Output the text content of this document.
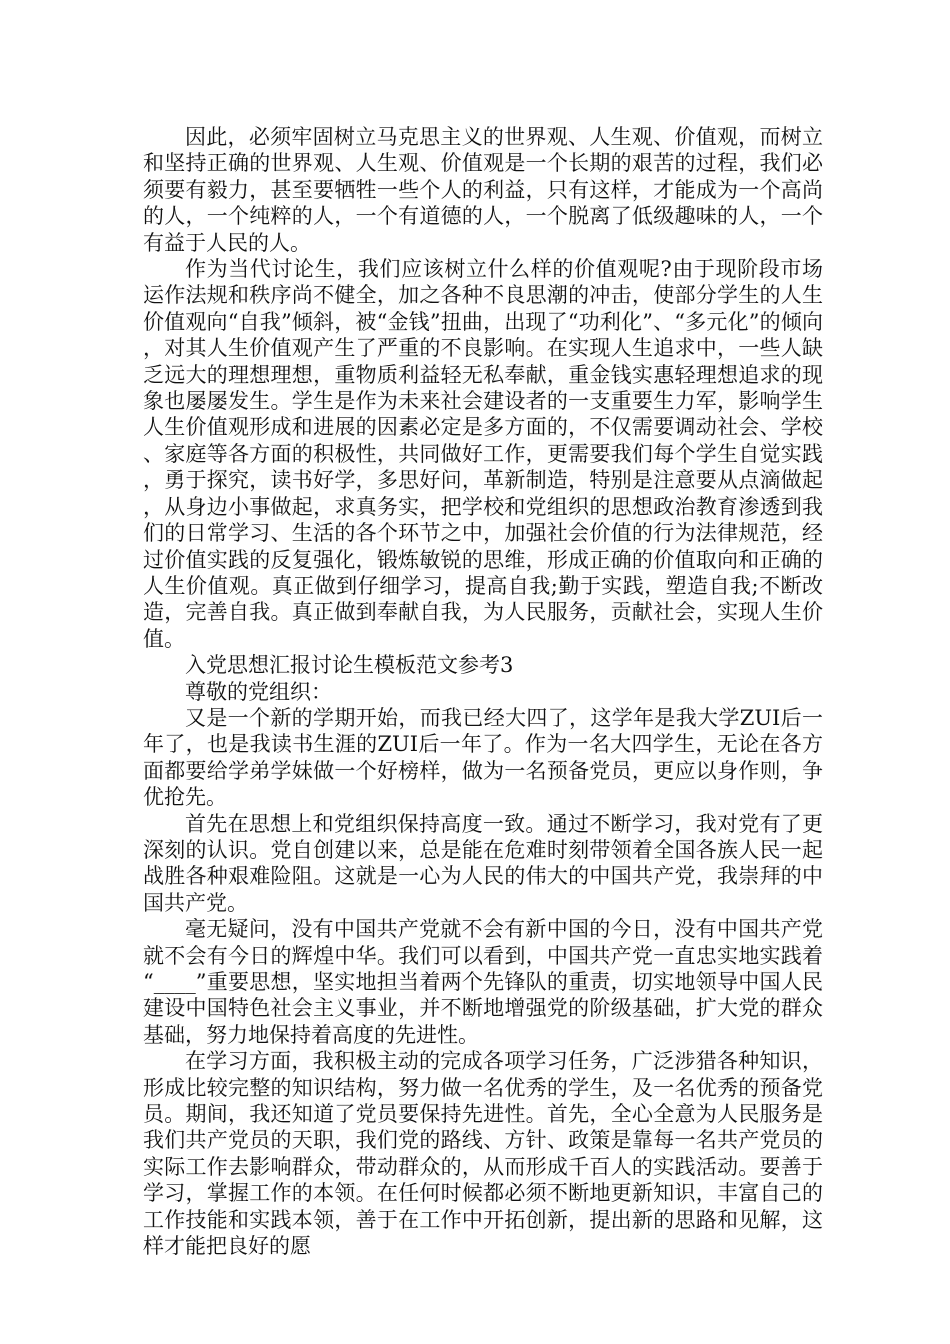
因此，必须牢固树立马克思主义的世界观、人生观、价值观，而树立和坚持正确的世界观、人生观、价值观是一个长期的艰苦的过程，我们必须要有毅力，甚至要牺牲一些个人的利益，只有这样，才能成为一个高尚的人，一个纯粹的人，一个有道德的人，一个脱离了低级趣味的人，一个有益于人民的人。

作为当代讨论生，我们应该树立什么样的价值观呢?由于现阶段市场运作法规和秩序尚不健全，加之各种不良思潮的冲击，使部分学生的人生价值观向“自我”倾斜，被“金钱”扭曲，出现了“功利化”、“多元化”的倾向，对其人生价值观产生了严重的不良影响。在实现人生追求中，一些人缺乏远大的理想理想，重物质利益轻无私奉献，重金钱实惠轻理想追求的现象也屡屡发生。学生是作为未来社会建设者的一支重要生力军，影响学生人生价值观形成和进展的因素必定是多方面的，不仅需要调动社会、学校、家庭等各方面的积极性，共同做好工作，更需要我们每个学生自觉实践，勇于探究，读书好学，多思好问，革新制造，特别是注意要从点滴做起，从身边小事做起，求真务实，把学校和党组织的思想政治教育渗透到我们的日常学习、生活的各个环节之中，加强社会价值的行为法律规范，经过价值实践的反复强化，锻炼敏锐的思维，形成正确的价值取向和正确的人生价值观。真正做到仔细学习，提高自我;勤于实践，塑造自我;不断改造，完善自我。真正做到奉献自我，为人民服务，贡献社会，实现人生价值。

入党思想汇报讨论生模板范文参考3

尊敬的党组织：

又是一个新的学期开始，而我已经大四了，这学年是我大学ZUI后一年了，也是我读书生涯的ZUI后一年了。作为一名大四学生，无论在各方面都要给学弟学妹做一个好榜样，做为一名预备党员，更应以身作则，争优抢先。

首先在思想上和党组织保持高度一致。通过不断学习，我对党有了更深刻的认识。党自创建以来，总是能在危难时刻带领着全国各族人民一起战胜各种艰难险阻。这就是一心为人民的伟大的中国共产党，我崇拜的中国共产党。

毫无疑问，没有中国共产党就不会有新中国的今日，没有中国共产党就不会有今日的辉煌中华。我们可以看到，中国共产党一直忠实地实践着“____”重要思想，坚实地担当着两个先锋队的重责，切实地领导中国人民建设中国特色社会主义事业，并不断地增强党的阶级基础，扩大党的群众基础，努力地保持着高度的先进性。

在学习方面，我积极主动的完成各项学习任务，广泛涉猎各种知识，形成比较完整的知识结构，努力做一名优秀的学生，及一名优秀的预备党员。期间，我还知道了党员要保持先进性。首先，全心全意为人民服务是我们共产党员的天职，我们党的路线、方针、政策是靠每一名共产党员的实际工作去影响群众，带动群众的，从而形成千百人的实践活动。要善于学习，掌握工作的本领。在任何时候都必须不断地更新知识，丰富自己的工作技能和实践本领，善于在工作中开拓创新，提出新的思路和见解，这样才能把良好的愿
